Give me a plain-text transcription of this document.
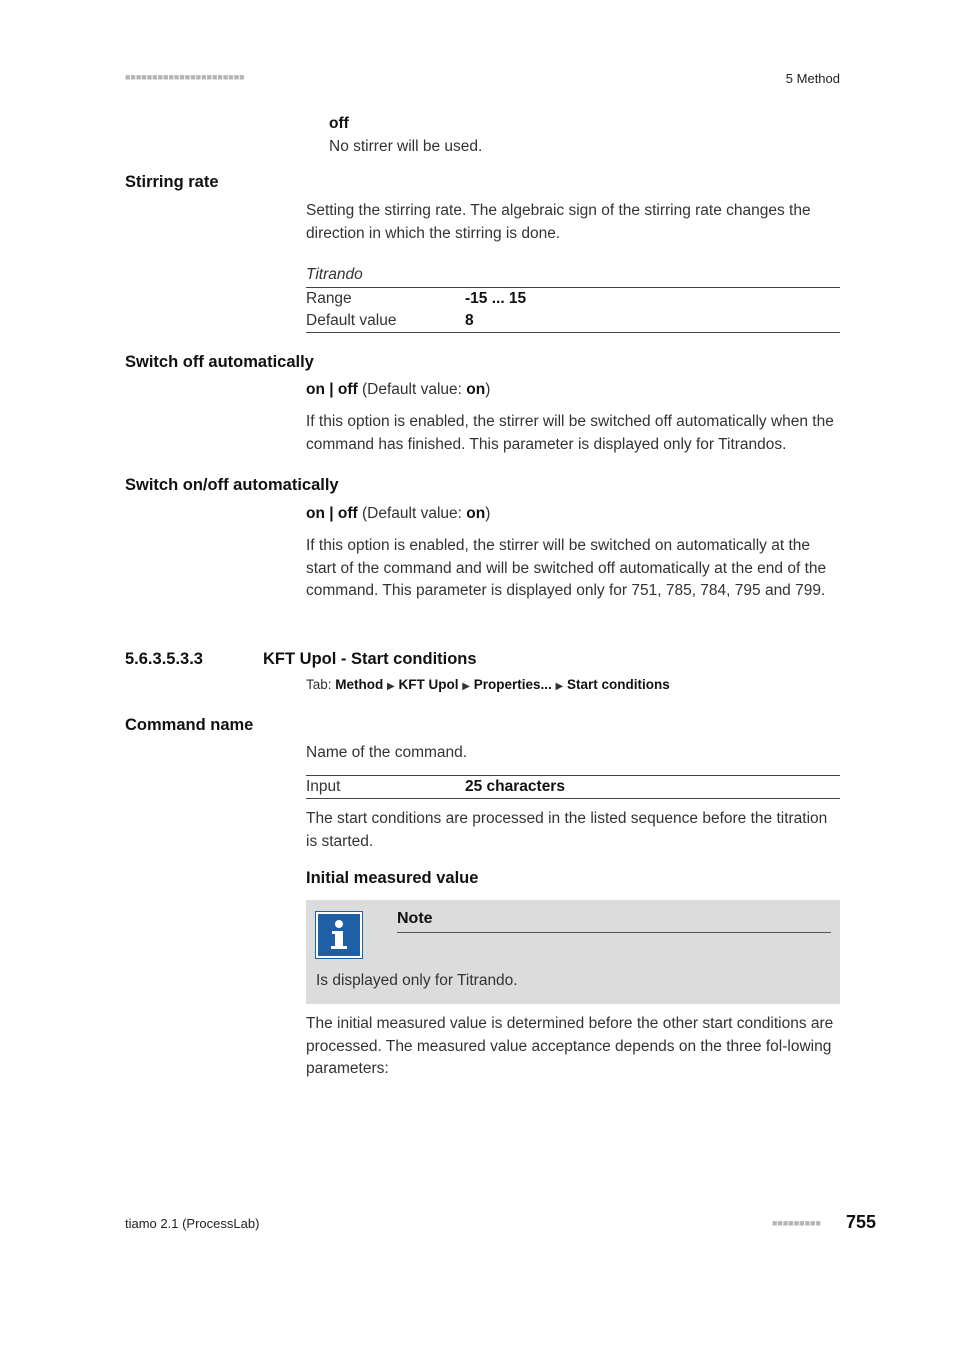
■■■■■■■■■■■■■■■■■■■■■■	5 Method
off
No stirrer will be used.
Stirring rate
Setting the stirring rate. The algebraic sign of the stirring rate changes the direction in which the stirring is done.
Titrando
Range	-15 ... 15
Default value	8
Switch off automatically
on | off (Default value: on)
If this option is enabled, the stirrer will be switched off automatically when the command has finished. This parameter is displayed only for Titrandos.
Switch on/off automatically
on | off (Default value: on)
If this option is enabled, the stirrer will be switched on automatically at the start of the command and will be switched off automatically at the end of the command. This parameter is displayed only for 751, 785, 784, 795 and 799.
5.6.3.5.3.3	KFT Upol - Start conditions
Tab: Method ▶ KFT Upol ▶ Properties... ▶ Start conditions
Command name
Name of the command.
Input	25 characters
The start conditions are processed in the listed sequence before the titration is started.
Initial measured value
Note
Is displayed only for Titrando.
The initial measured value is determined before the other start conditions are processed. The measured value acceptance depends on the three fol-lowing parameters:
tiamo 2.1 (ProcessLab)	■■■■■■■■■ 755
